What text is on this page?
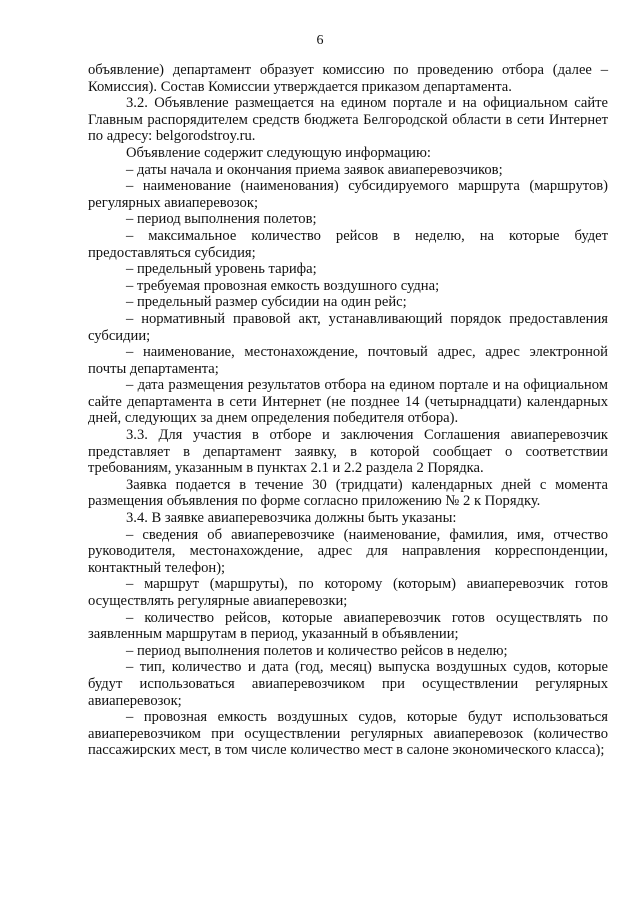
6

объявление) департамент образует комиссию по проведению отбора (далее – Комиссия). Состав Комиссии утверждается приказом департамента.

3.2. Объявление размещается на едином портале и на официальном сайте Главным распорядителем средств бюджета Белгородской области в сети Интернет по адресу: belgorodstroy.ru.

Объявление содержит следующую информацию:

– даты начала и окончания приема заявок авиаперевозчиков;

– наименование (наименования) субсидируемого маршрута (маршрутов) регулярных авиаперевозок;

– период выполнения полетов;

– максимальное количество рейсов в неделю, на которые будет предоставляться субсидия;

– предельный уровень тарифа;

– требуемая провозная емкость воздушного судна;

– предельный размер субсидии на один рейс;

– нормативный правовой акт, устанавливающий порядок предоставления субсидии;

– наименование, местонахождение, почтовый адрес, адрес электронной почты департамента;

– дата размещения результатов отбора на едином портале и на официальном сайте департамента в сети Интернет (не позднее 14 (четырнадцати) календарных дней, следующих за днем определения победителя отбора).

3.3. Для участия в отборе и заключения Соглашения авиаперевозчик представляет в департамент заявку, в которой сообщает о соответствии требованиям, указанным в пунктах 2.1 и 2.2 раздела 2 Порядка.

Заявка подается в течение 30 (тридцати) календарных дней с момента размещения объявления по форме согласно приложению № 2 к Порядку.

3.4. В заявке авиаперевозчика должны быть указаны:

– сведения об авиаперевозчике (наименование, фамилия, имя, отчество руководителя, местонахождение, адрес для направления корреспонденции, контактный телефон);

– маршрут (маршруты), по которому (которым) авиаперевозчик готов осуществлять регулярные авиаперевозки;

– количество рейсов, которые авиаперевозчик готов осуществлять по заявленным маршрутам в период, указанный в объявлении;

– период выполнения полетов и количество рейсов в неделю;

– тип, количество и дата (год, месяц) выпуска воздушных судов, которые будут использоваться авиаперевозчиком при осуществлении регулярных авиаперевозок;

– провозная емкость воздушных судов, которые будут использоваться авиаперевозчиком при осуществлении регулярных авиаперевозок (количество пассажирских мест, в том числе количество мест в салоне экономического класса);
